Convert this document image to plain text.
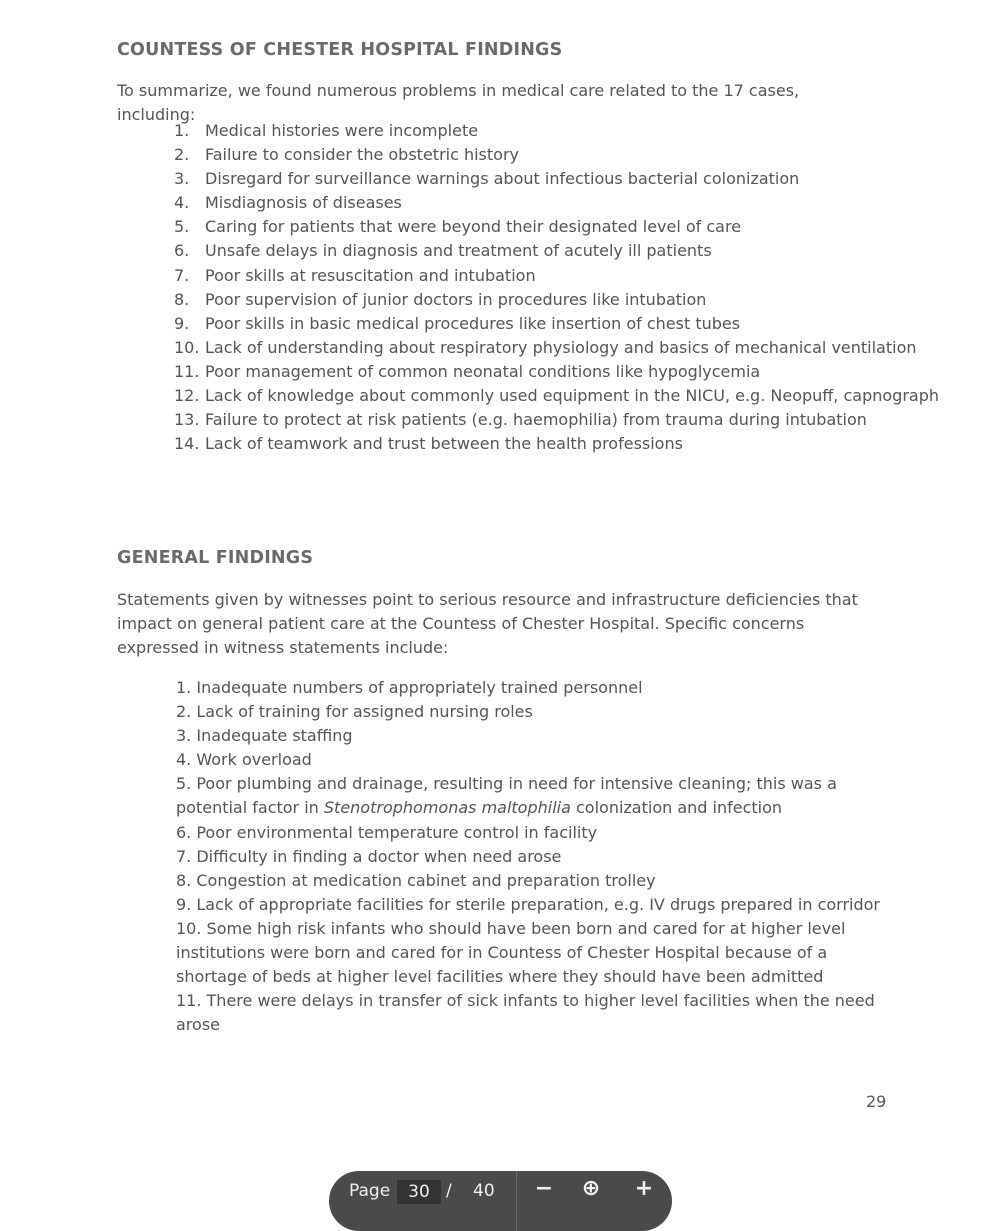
COUNTESS OF CHESTER HOSPITAL FINDINGS

To summarize, we found numerous problems in medical care related to the 17 cases, including:

1. Medical histories were incomplete
2. Failure to consider the obstetric history
3. Disregard for surveillance warnings about infectious bacterial colonization
4. Misdiagnosis of diseases
5. Caring for patients that were beyond their designated level of care
6. Unsafe delays in diagnosis and treatment of acutely ill patients
7. Poor skills at resuscitation and intubation
8. Poor supervision of junior doctors in procedures like intubation
9. Poor skills in basic medical procedures like insertion of chest tubes
10. Lack of understanding about respiratory physiology and basics of mechanical ventilation
11. Poor management of common neonatal conditions like hypoglycemia
12. Lack of knowledge about commonly used equipment in the NICU, e.g. Neopuff, capnograph
13. Failure to protect at risk patients (e.g. haemophilia) from trauma during intubation
14. Lack of teamwork and trust between the health professions
GENERAL FINDINGS

Statements given by witnesses point to serious resource and infrastructure deficiencies that impact on general patient care at the Countess of Chester Hospital. Specific concerns expressed in witness statements include:

1. Inadequate numbers of appropriately trained personnel
2. Lack of training for assigned nursing roles
3. Inadequate staffing
4. Work overload
5. Poor plumbing and drainage, resulting in need for intensive cleaning; this was a potential factor in Stenotrophomonas maltophilia colonization and infection
6. Poor environmental temperature control in facility
7. Difficulty in finding a doctor when need arose
8. Congestion at medication cabinet and preparation trolley
9. Lack of appropriate facilities for sterile preparation, e.g. IV drugs prepared in corridor
10. Some high risk infants who should have been born and cared for at higher level institutions were born and cared for in Countess of Chester Hospital because of a shortage of beds at higher level facilities where they should have been admitted
11. There were delays in transfer of sick infants to higher level facilities when the need arose
29
Page	30 / 40 − ⊕ +
